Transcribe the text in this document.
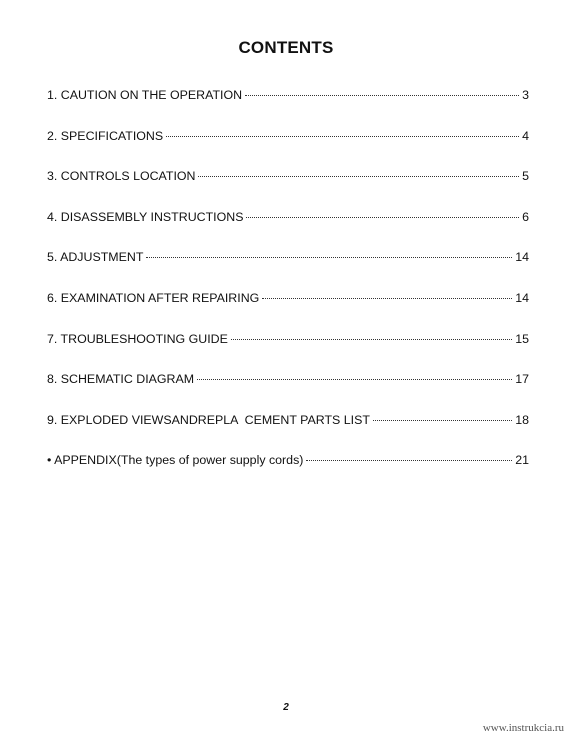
CONTENTS
1. CAUTION ON THE OPERATION	3
2. SPECIFICATIONS	4
3. CONTROLS LOCATION	5
4. DISASSEMBLY INSTRUCTIONS	6
5. ADJUSTMENT	14
6. EXAMINATION AFTER REPAIRING	14
7. TROUBLESHOOTING GUIDE	15
8. SCHEMATIC DIAGRAM	17
9. EXPLODED VIEWSANDREPLA  CEMENT PARTS LIST	18
• APPENDIX(The types of power supply cords)	21
2
www.instrukcia.ru
